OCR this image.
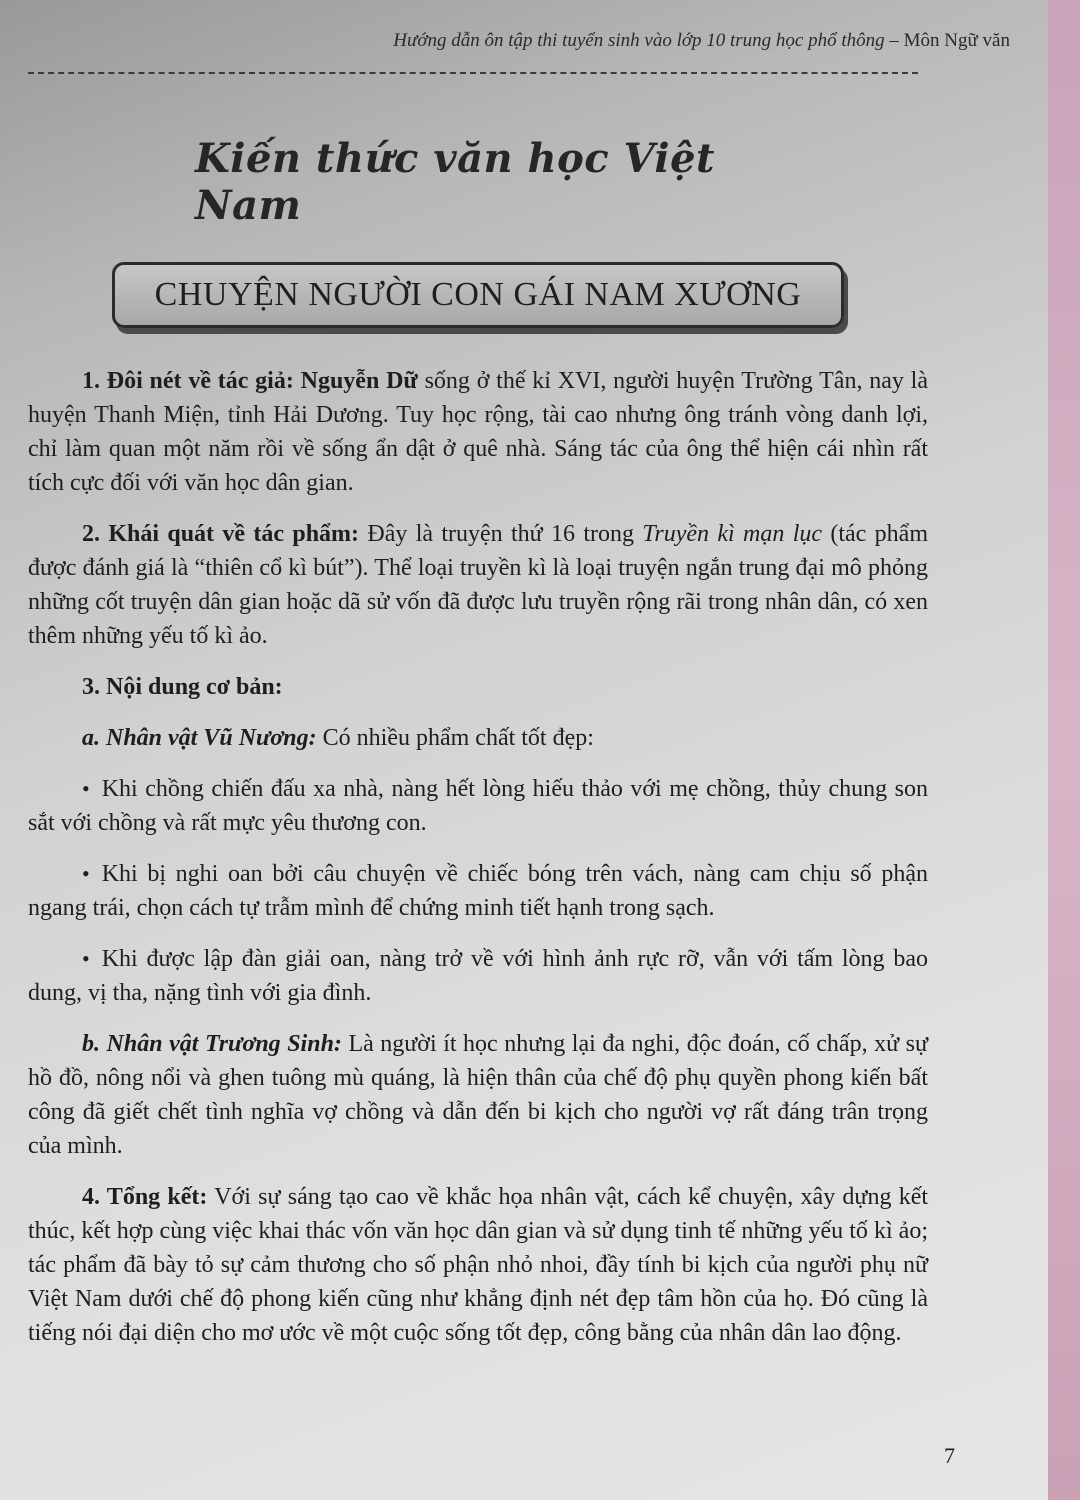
Hướng dẫn ôn tập thi tuyển sinh vào lớp 10 trung học phổ thông – Môn Ngữ văn
Kiến thức văn học Việt Nam
CHUYỆN NGƯỜI CON GÁI NAM XƯƠNG

1. Đôi nét về tác giả: Nguyễn Dữ sống ở thế kỉ XVI, người huyện Trường Tân, nay là huyện Thanh Miện, tỉnh Hải Dương. Tuy học rộng, tài cao nhưng ông tránh vòng danh lợi, chỉ làm quan một năm rồi về sống ẩn dật ở quê nhà. Sáng tác của ông thể hiện cái nhìn rất tích cực đối với văn học dân gian.

2. Khái quát về tác phẩm: Đây là truyện thứ 16 trong Truyền kì mạn lục (tác phẩm được đánh giá là “thiên cổ kì bút”). Thể loại truyền kì là loại truyện ngắn trung đại mô phỏng những cốt truyện dân gian hoặc dã sử vốn đã được lưu truyền rộng rãi trong nhân dân, có xen thêm những yếu tố kì ảo.

3. Nội dung cơ bản:

a. Nhân vật Vũ Nương: Có nhiều phẩm chất tốt đẹp:

• Khi chồng chiến đấu xa nhà, nàng hết lòng hiếu thảo với mẹ chồng, thủy chung son sắt với chồng và rất mực yêu thương con.

• Khi bị nghi oan bởi câu chuyện về chiếc bóng trên vách, nàng cam chịu số phận ngang trái, chọn cách tự trẫm mình để chứng minh tiết hạnh trong sạch.

• Khi được lập đàn giải oan, nàng trở về với hình ảnh rực rỡ, vẫn với tấm lòng bao dung, vị tha, nặng tình với gia đình.

b. Nhân vật Trương Sinh: Là người ít học nhưng lại đa nghi, độc đoán, cố chấp, xử sự hồ đồ, nông nổi và ghen tuông mù quáng, là hiện thân của chế độ phụ quyền phong kiến bất công đã giết chết tình nghĩa vợ chồng và dẫn đến bi kịch cho người vợ rất đáng trân trọng của mình.

4. Tổng kết: Với sự sáng tạo cao về khắc họa nhân vật, cách kể chuyện, xây dựng kết thúc, kết hợp cùng việc khai thác vốn văn học dân gian và sử dụng tinh tế những yếu tố kì ảo; tác phẩm đã bày tỏ sự cảm thương cho số phận nhỏ nhoi, đầy tính bi kịch của người phụ nữ Việt Nam dưới chế độ phong kiến cũng như khẳng định nét đẹp tâm hồn của họ. Đó cũng là tiếng nói đại diện cho mơ ước về một cuộc sống tốt đẹp, công bằng của nhân dân lao động.

7
